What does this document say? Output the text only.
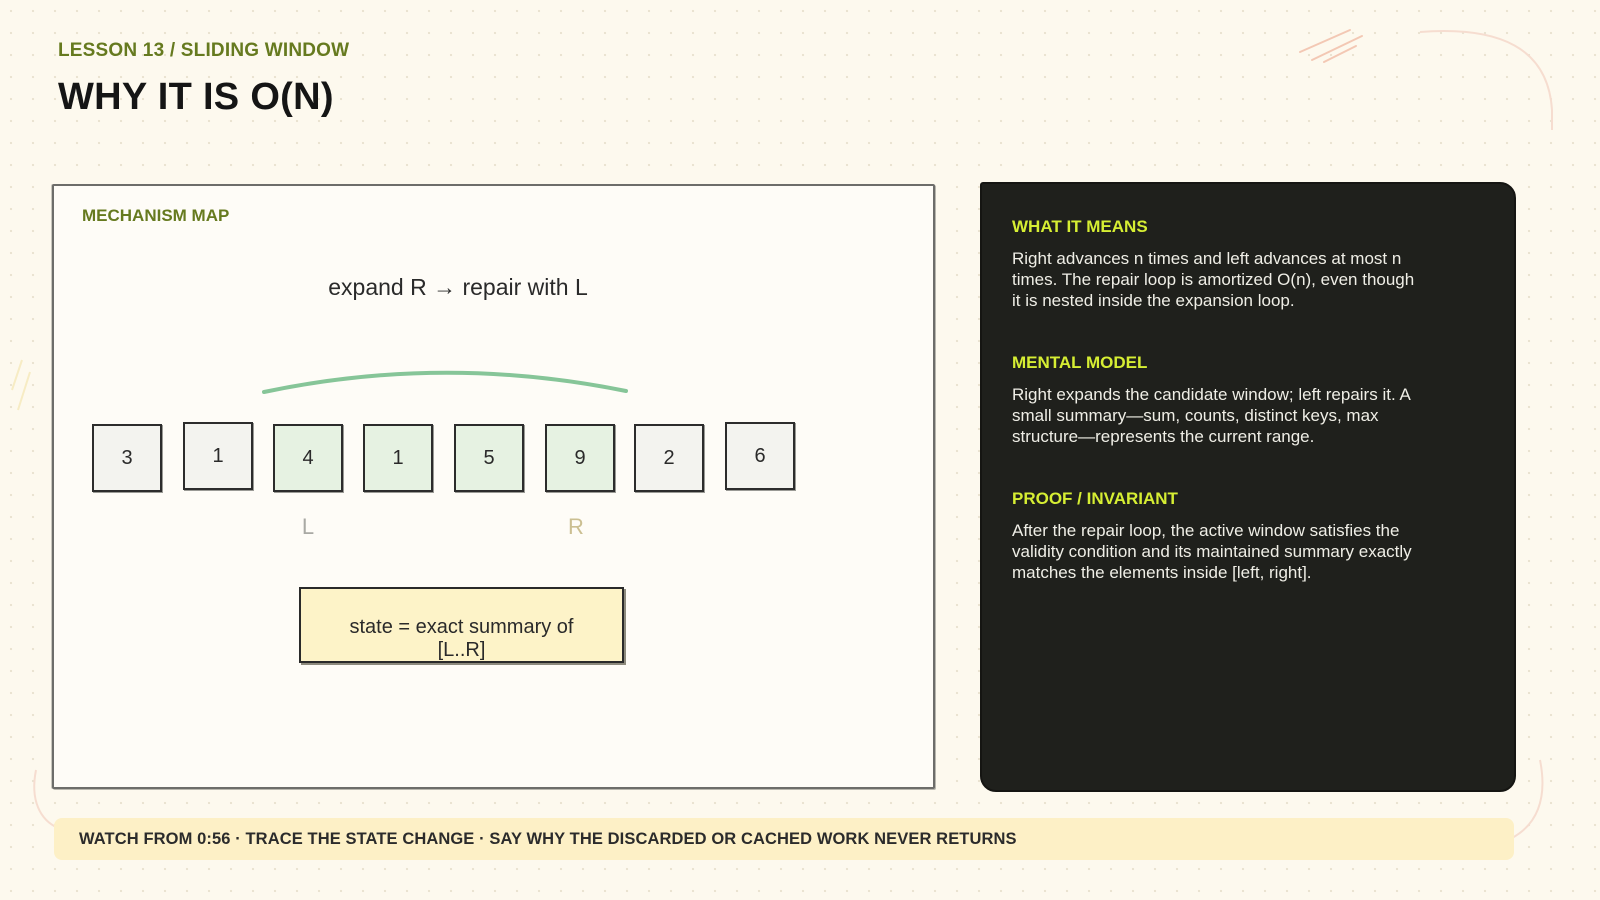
LESSON 13 / SLIDING WINDOW
WHY IT IS O(N)
MECHANISM MAP
expand R → repair with L
3	1	4	1	5	9	2	6
L	R
state = exact summary of [L..R]
WHAT IT MEANS
Right advances n times and left advances at most n times. The repair loop is amortized O(n), even though it is nested inside the expansion loop.
MENTAL MODEL
Right expands the candidate window; left repairs it. A small summary—sum, counts, distinct keys, max structure—represents the current range.
PROOF / INVARIANT
After the repair loop, the active window satisfies the validity condition and its maintained summary exactly matches the elements inside [left, right].
WATCH FROM 0:56 · TRACE THE STATE CHANGE · SAY WHY THE DISCARDED OR CACHED WORK NEVER RETURNS
